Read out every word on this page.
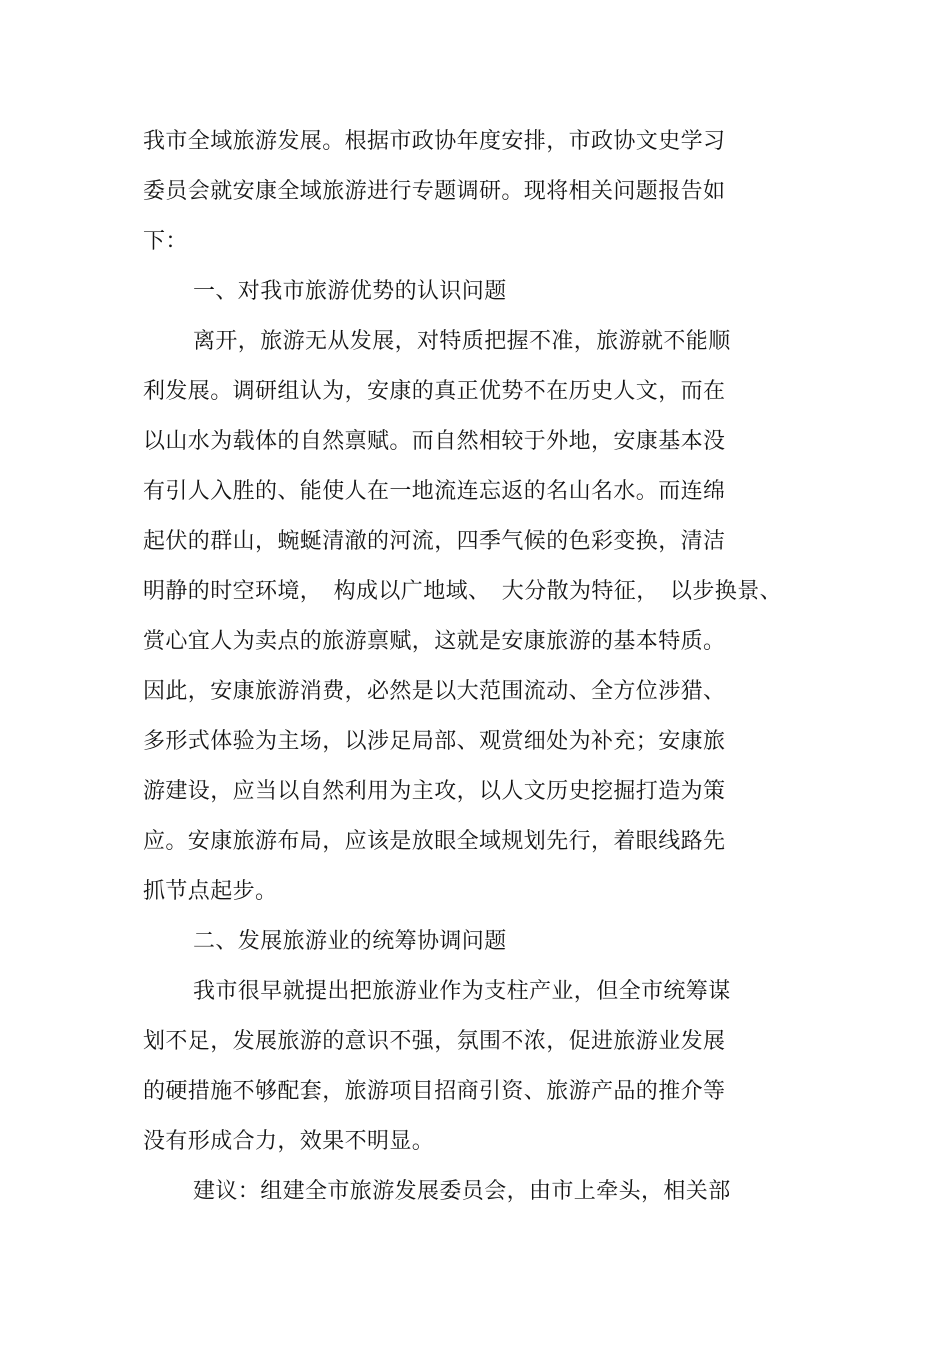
我市全域旅游发展。根据市政协年度安排，市政协文史学习
委员会就安康全域旅游进行专题调研。现将相关问题报告如
下：
一、对我市旅游优势的认识问题
离开，旅游无从发展，对特质把握不准，旅游就不能顺
利发展。调研组认为，安康的真正优势不在历史人文，而在
以山水为载体的自然禀赋。而自然相较于外地，安康基本没
有引人入胜的、能使人在一地流连忘返的名山名水。而连绵
起伏的群山，蜿蜒清澈的河流，四季气候的色彩变换，清洁
明静的时空环境，　构成以广地域、　大分散为特征，　以步换景、
赏心宜人为卖点的旅游禀赋，这就是安康旅游的基本特质。
因此，安康旅游消费，必然是以大范围流动、全方位涉猎、
多形式体验为主场，以涉足局部、观赏细处为补充；安康旅
游建设，应当以自然利用为主攻，以人文历史挖掘打造为策
应。安康旅游布局，应该是放眼全域规划先行，着眼线路先
抓节点起步。
二、发展旅游业的统筹协调问题
我市很早就提出把旅游业作为支柱产业，但全市统筹谋
划不足，发展旅游的意识不强，氛围不浓，促进旅游业发展
的硬措施不够配套，旅游项目招商引资、旅游产品的推介等
没有形成合力，效果不明显。
建议：组建全市旅游发展委员会，由市上牵头，相关部
